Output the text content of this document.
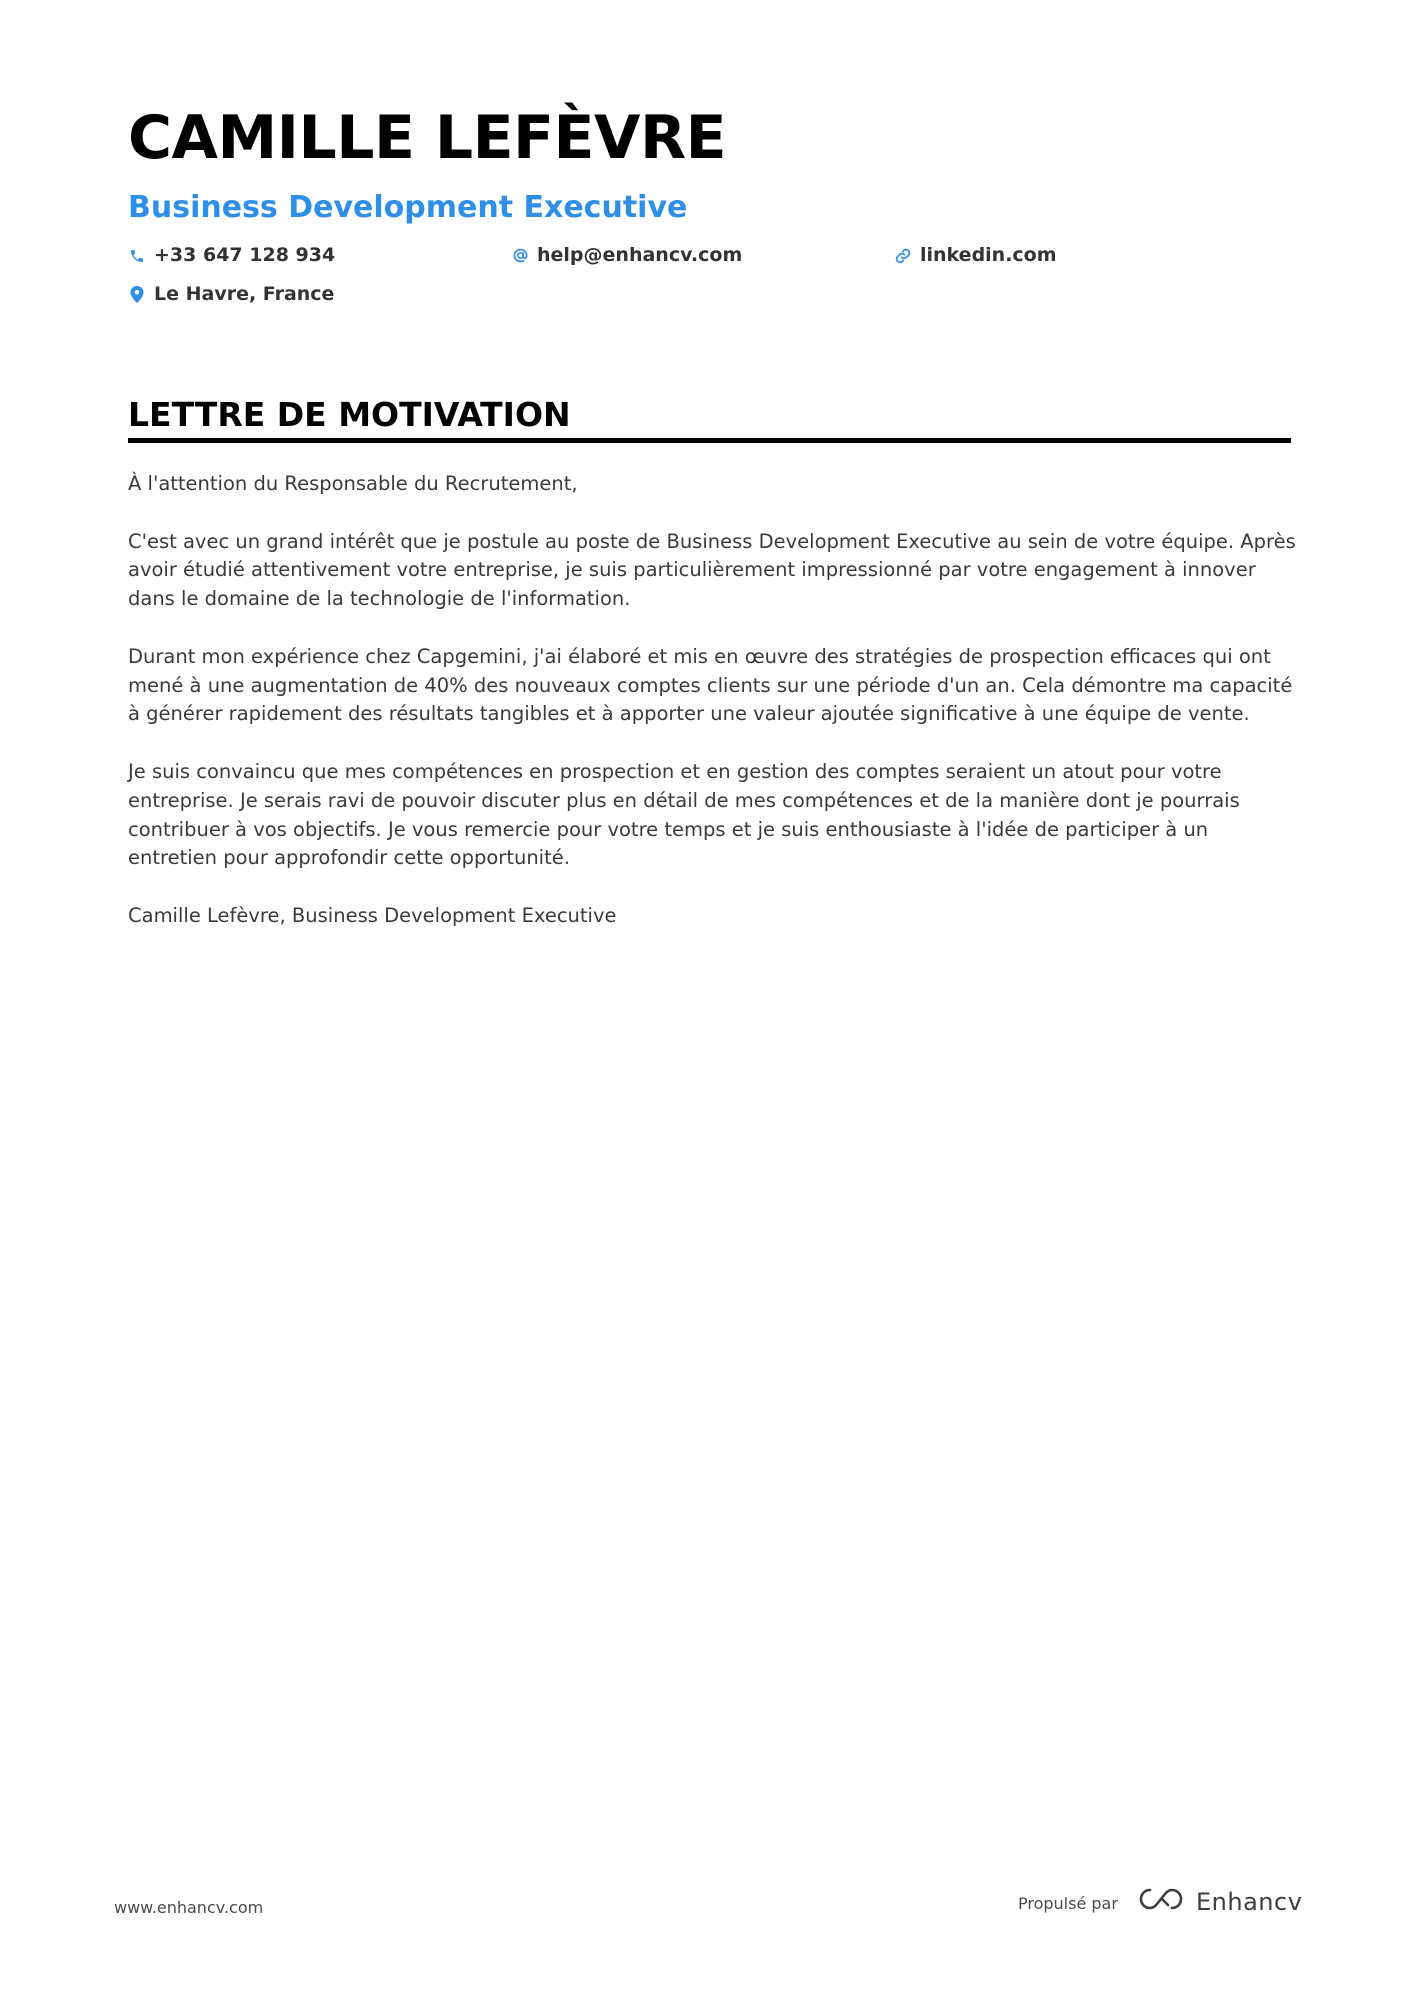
CAMILLE LEFÈVRE
Business Development Executive
+33 647 128 934	help@enhancv.com	linkedin.com
Le Havre, France
LETTRE DE MOTIVATION

À l'attention du Responsable du Recrutement,

C'est avec un grand intérêt que je postule au poste de Business Development Executive au sein de votre équipe. Après avoir étudié attentivement votre entreprise, je suis particulièrement impressionné par votre engagement à innover dans le domaine de la technologie de l'information.

Durant mon expérience chez Capgemini, j'ai élaboré et mis en œuvre des stratégies de prospection efficaces qui ont mené à une augmentation de 40% des nouveaux comptes clients sur une période d'un an. Cela démontre ma capacité à générer rapidement des résultats tangibles et à apporter une valeur ajoutée significative à une équipe de vente.

Je suis convaincu que mes compétences en prospection et en gestion des comptes seraient un atout pour votre entreprise. Je serais ravi de pouvoir discuter plus en détail de mes compétences et de la manière dont je pourrais contribuer à vos objectifs. Je vous remercie pour votre temps et je suis enthousiaste à l'idée de participer à un entretien pour approfondir cette opportunité.

Camille Lefèvre, Business Development Executive

www.enhancv.com	Propulsé par	Enhancv
